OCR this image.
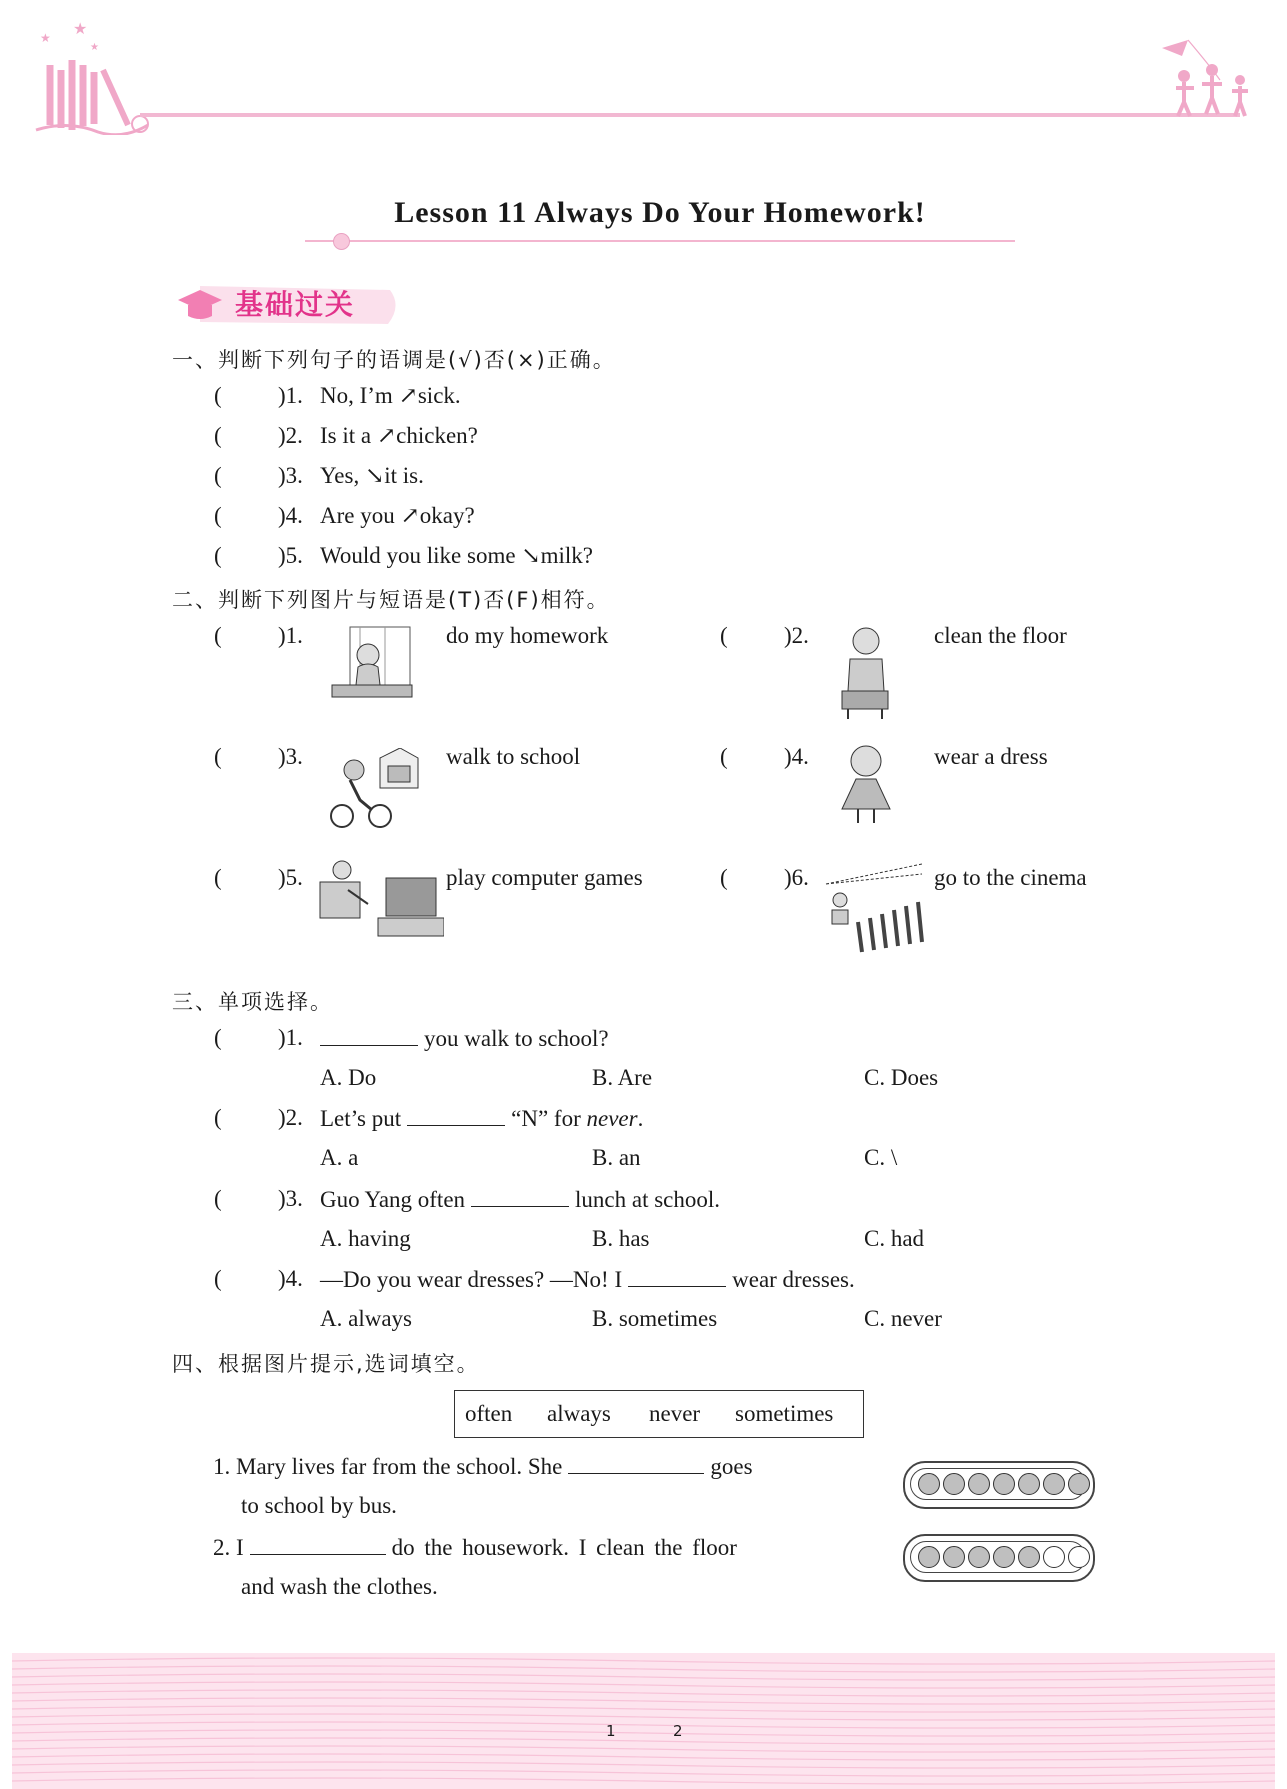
★
★
★
Lesson 11 Always Do Your Homework!
基础过关
一、判断下列句子的语调是(√)否(×)正确。
( )1. No, I’m ↗sick.
( )2. Is it a ↗chicken?
( )3. Yes, ↘it is.
( )4. Are you ↗okay?
( )5. Would you like some ↘milk?
二、判断下列图片与短语是(T)否(F)相符。
( )1.	do my homework	( )2.	clean the floor
( )3.	walk to school	( )4.	wear a dress
( )5.	play computer games	( )6.	go to the cinema
三、单项选择。
( )1.	you walk to school?
A. Do	B. Are	C. Does
( )2. Let’s put	“N” for never.
A. a	B. an	C. \
( )3. Guo Yang often	lunch at school.
A. having	B. has	C. had
( )4. —Do you wear dresses? —No! I	wear dresses.
A. always	B. sometimes	C. never
四、根据图片提示,选词填空。
often always never sometimes
1. Mary lives far from the school. She	goes
to school by bus.
2. I	do the housework. I clean the floor
and wash the clothes.
1	2
